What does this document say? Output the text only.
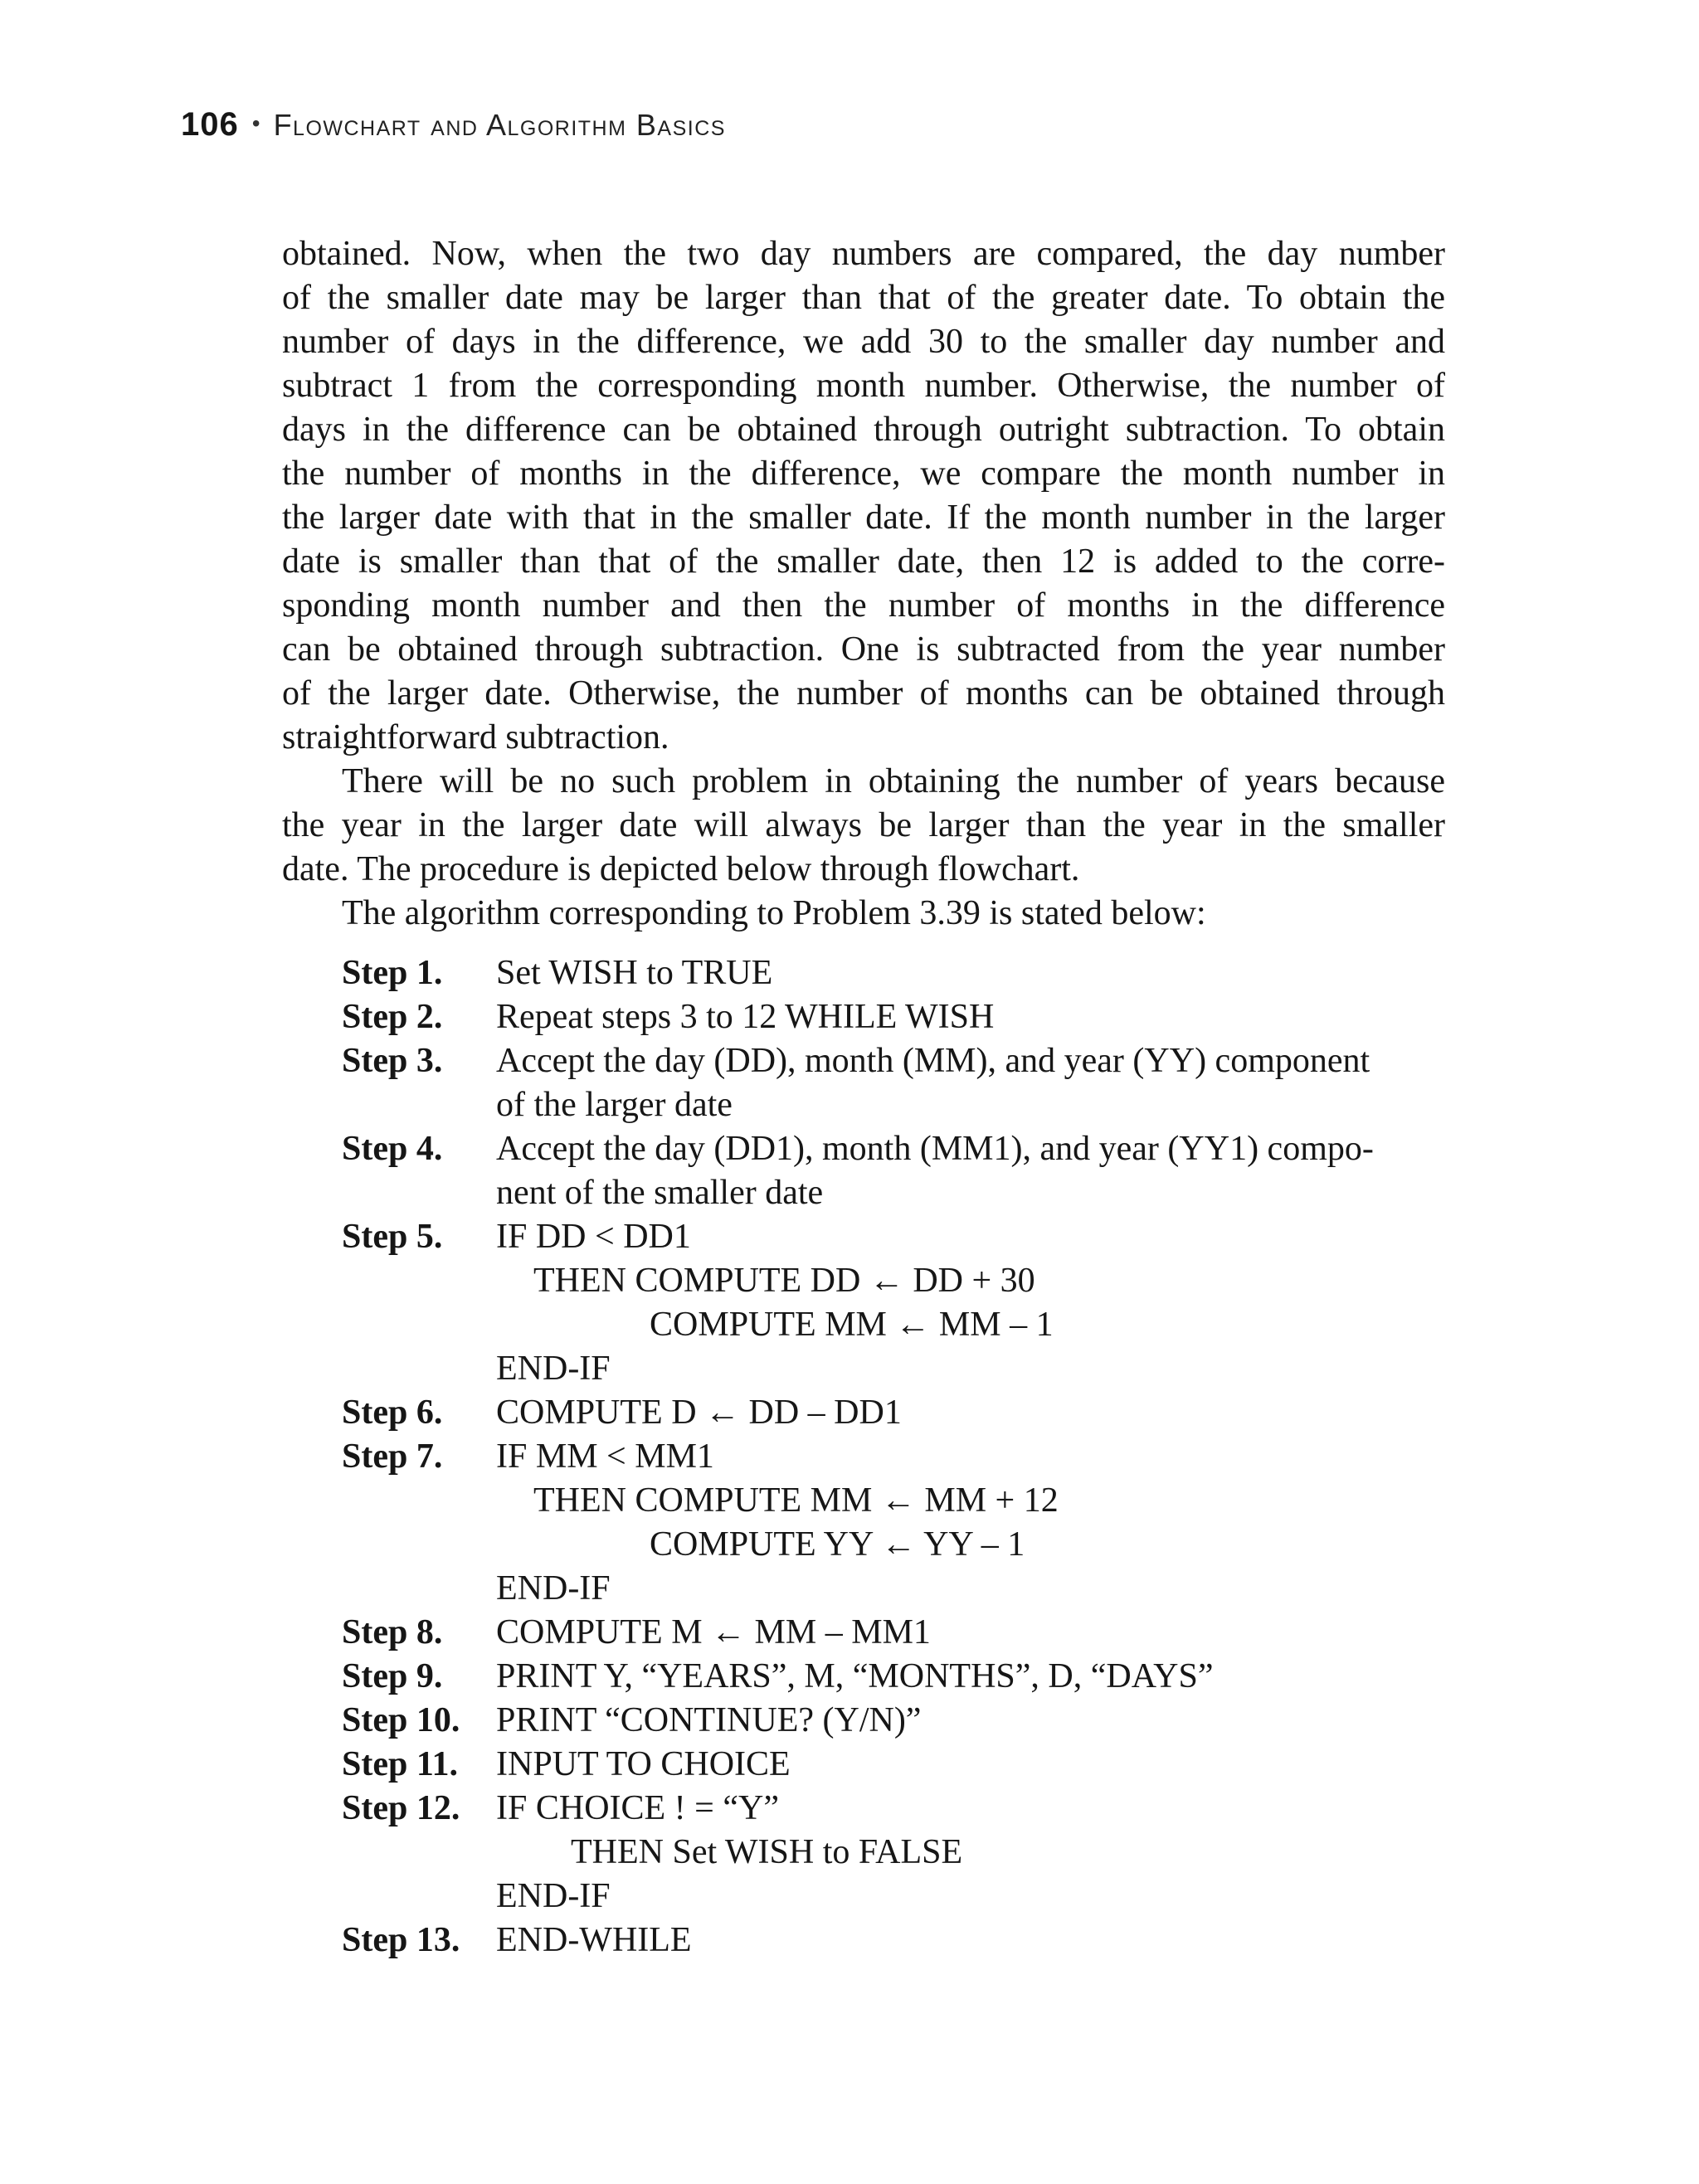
106 • Flowchart and Algorithm Basics
obtained. Now, when the two day numbers are compared, the day number
of the smaller date may be larger than that of the greater date. To obtain the
number of days in the difference, we add 30 to the smaller day number and
subtract 1 from the corresponding month number. Otherwise, the number of
days in the difference can be obtained through outright subtraction. To obtain
the number of months in the difference, we compare the month number in
the larger date with that in the smaller date. If the month number in the larger
date is smaller than that of the smaller date, then 12 is added to the corre-
sponding month number and then the number of months in the difference
can be obtained through subtraction. One is subtracted from the year number
of the larger date. Otherwise, the number of months can be obtained through
straightforward subtraction.
There will be no such problem in obtaining the number of years because
the year in the larger date will always be larger than the year in the smaller
date. The procedure is depicted below through flowchart.
The algorithm corresponding to Problem 3.39 is stated below:
Step 1.	Set WISH to TRUE
Step 2.	Repeat steps 3 to 12 WHILE WISH
Step 3.	Accept the day (DD), month (MM), and year (YY) component
of the larger date
Step 4.	Accept the day (DD1), month (MM1), and year (YY1) compo-
nent of the smaller date
Step 5.	IF DD < DD1
THEN COMPUTE DD ← DD + 30
COMPUTE MM ← MM – 1
END-IF
Step 6.	COMPUTE D ← DD – DD1
Step 7.	IF MM < MM1
THEN COMPUTE MM ← MM + 12
COMPUTE YY ← YY – 1
END-IF
Step 8.	COMPUTE M ← MM – MM1
Step 9.	PRINT Y, “YEARS”, M, “MONTHS”, D, “DAYS”
Step 10.	PRINT “CONTINUE? (Y/N)”
Step 11.	INPUT TO CHOICE
Step 12.	IF CHOICE ! = “Y”
THEN Set WISH to FALSE
END-IF
Step 13.	END-WHILE
